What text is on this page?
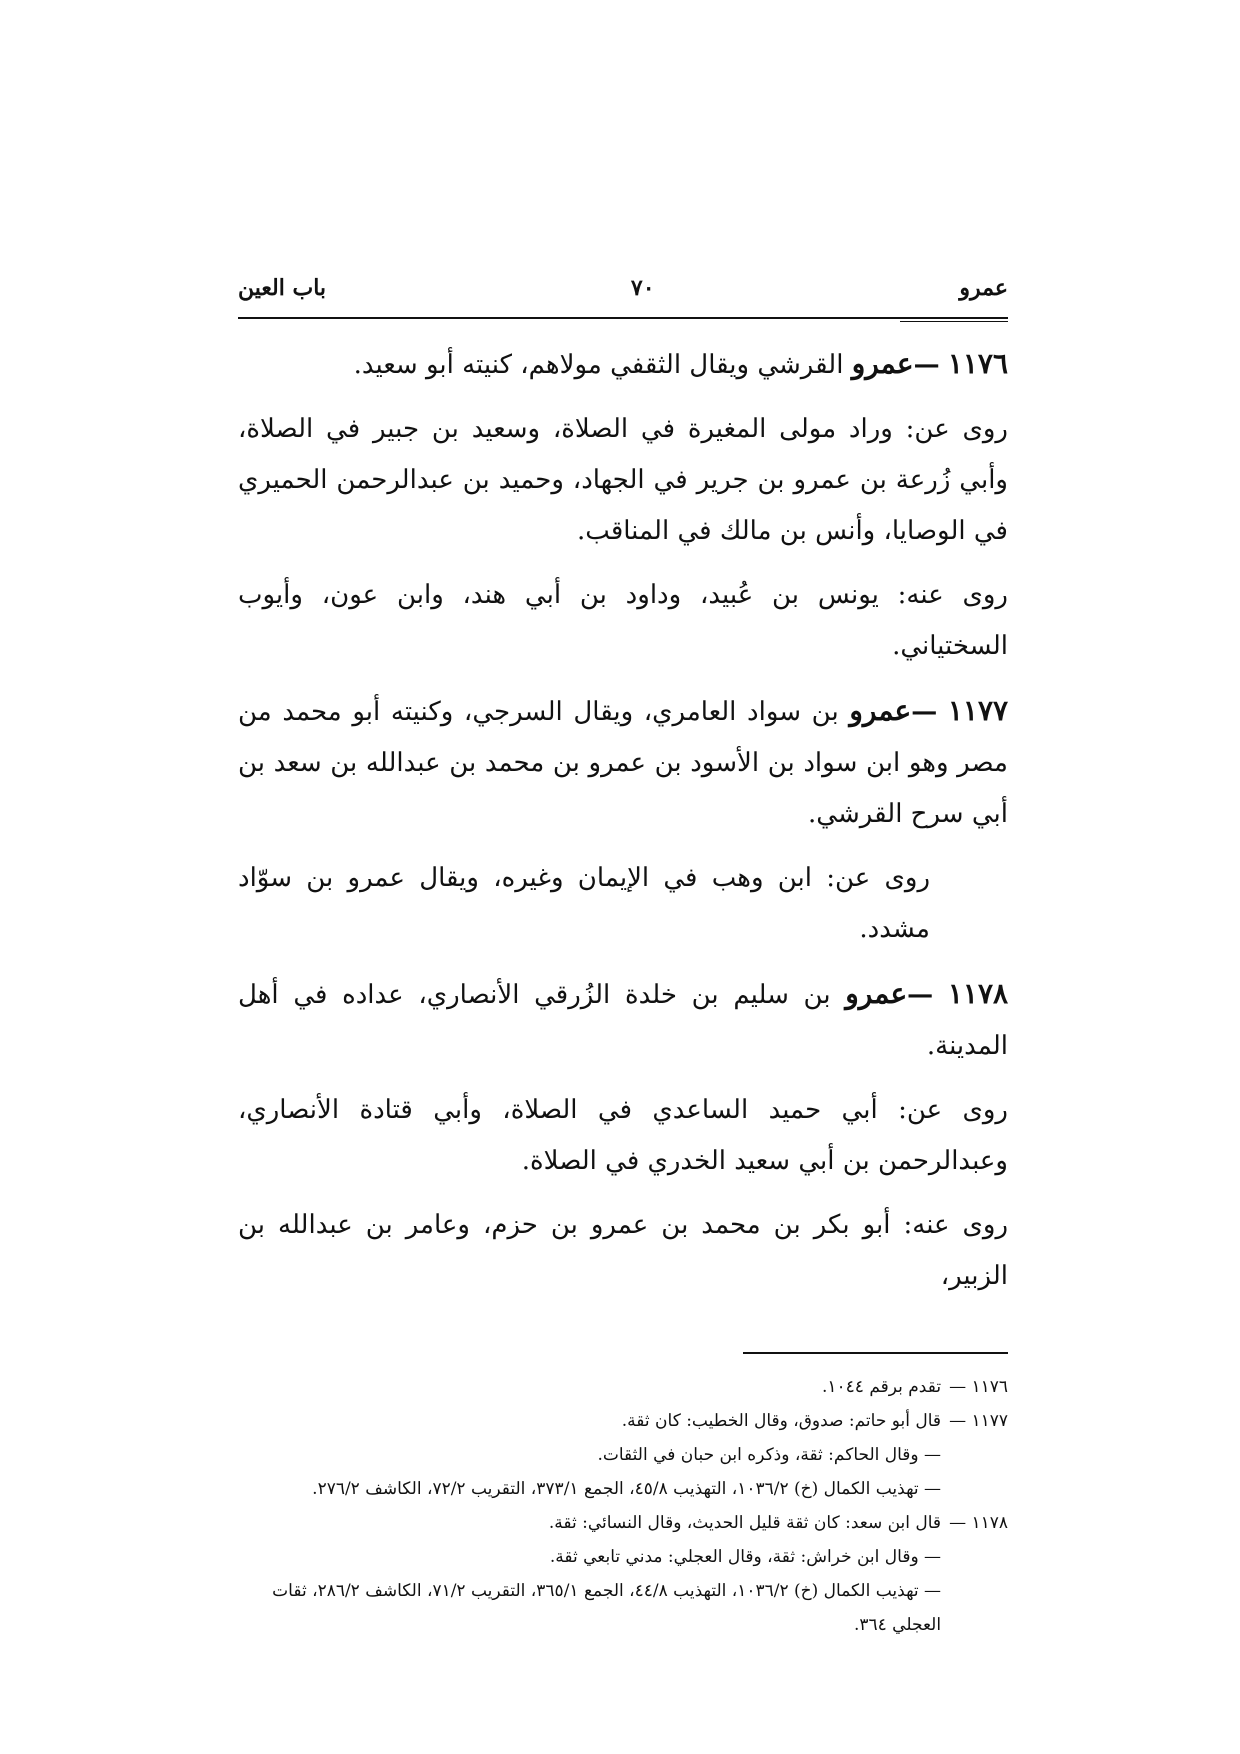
عمرو
٧٠
باب العين

١١٧٦ —عمرو القرشي ويقال الثقفي مولاهم، كنيته أبو سعيد.

روى عن: وراد مولى المغيرة في الصلاة، وسعيد بن جبير في الصلاة، وأبي زُرعة بن عمرو بن جرير في الجهاد، وحميد بن عبدالرحمن الحميري في الوصايا، وأنس بن مالك في المناقب.

روى عنه: يونس بن عُبيد، وداود بن أبي هند، وابن عون، وأيوب السختياني.

١١٧٧ —عمرو بن سواد العامري، ويقال السرجي، وكنيته أبو محمد من مصر وهو ابن سواد بن الأسود بن عمرو بن محمد بن عبدالله بن سعد بن أبي سرح القرشي.

روى عن: ابن وهب في الإيمان وغيره، ويقال عمرو بن سوّاد مشدد.

١١٧٨ —عمرو بن سليم بن خلدة الزُرقي الأنصاري، عداده في أهل المدينة.

روى عن: أبي حميد الساعدي في الصلاة، وأبي قتادة الأنصاري، وعبدالرحمن بن أبي سعيد الخدري في الصلاة.

روى عنه: أبو بكر بن محمد بن عمرو بن حزم، وعامر بن عبدالله بن الزبير،

١١٧٦ —
تقدم برقم ١٠٤٤.
١١٧٧ —
قال أبو حاتم: صدوق، وقال الخطيب: كان ثقة.
— وقال الحاكم: ثقة، وذكره ابن حبان في الثقات.
— تهذيب الكمال (خ) ١٠٣٦/٢، التهذيب ٤٥/٨، الجمع ٣٧٣/١، التقريب ٧٢/٢، الكاشف ٢٧٦/٢.
١١٧٨ —
قال ابن سعد: كان ثقة قليل الحديث، وقال النسائي: ثقة.
— وقال ابن خراش: ثقة، وقال العجلي: مدني تابعي ثقة.
— تهذيب الكمال (خ) ١٠٣٦/٢، التهذيب ٤٤/٨، الجمع ٣٦٥/١، التقريب ٧١/٢، الكاشف ٢٨٦/٢، ثقات العجلي ٣٦٤.
